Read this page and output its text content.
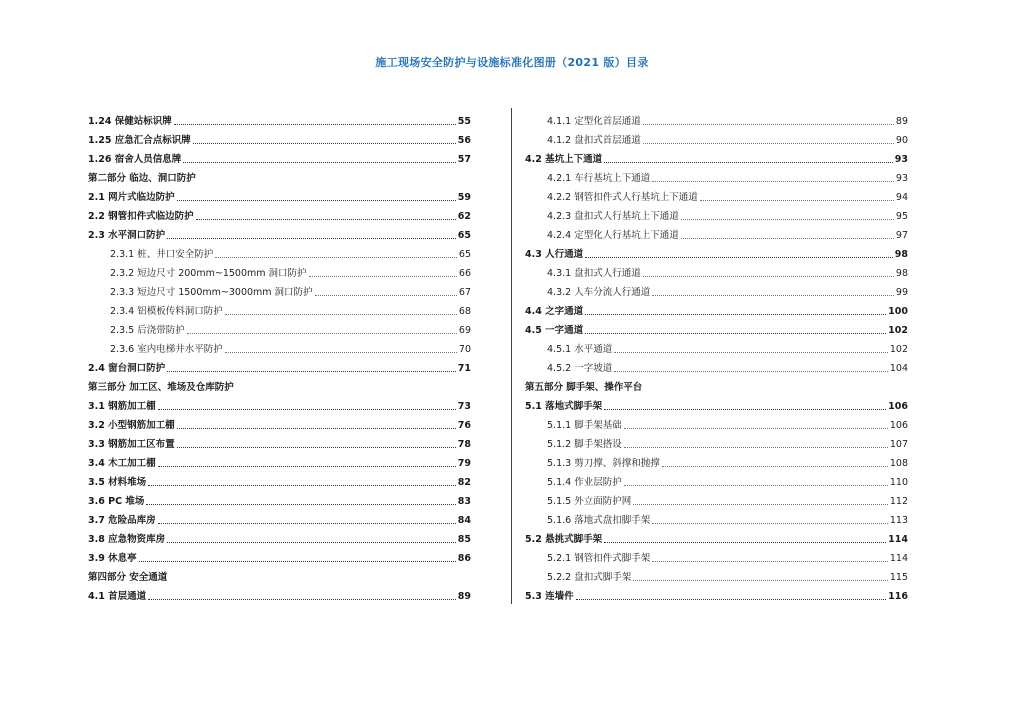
施工现场安全防护与设施标准化图册（2021 版）目录
1.24 保健站标识牌	55
1.25 应急汇合点标识牌	56
1.26 宿舍人员信息牌	57
第二部分 临边、洞口防护
2.1 网片式临边防护	59
2.2 钢管扣件式临边防护	62
2.3 水平洞口防护	65
2.3.1 桩、井口安全防护	65
2.3.2 短边尺寸 200mm~1500mm 洞口防护	66
2.3.3 短边尺寸 1500mm~3000mm 洞口防护	67
2.3.4 铝模板传料洞口防护	68
2.3.5 后浇带防护	69
2.3.6 室内电梯井水平防护	70
2.4 窗台洞口防护	71
第三部分 加工区、堆场及仓库防护
3.1 钢筋加工棚	73
3.2 小型钢筋加工棚	76
3.3 钢筋加工区布置	78
3.4 木工加工棚	79
3.5 材料堆场	82
3.6 PC 堆场	83
3.7 危险品库房	84
3.8 应急物资库房	85
3.9 休息亭	86
第四部分 安全通道
4.1 首层通道	89
4.1.1 定型化首层通道	89
4.1.2 盘扣式首层通道	90
4.2 基坑上下通道	93
4.2.1 车行基坑上下通道	93
4.2.2 钢管扣件式人行基坑上下通道	94
4.2.3 盘扣式人行基坑上下通道	95
4.2.4 定型化人行基坑上下通道	97
4.3 人行通道	98
4.3.1 盘扣式人行通道	98
4.3.2 人车分流人行通道	99
4.4 之字通道	100
4.5 一字通道	102
4.5.1 水平通道	102
4.5.2 一字坡道	104
第五部分 脚手架、操作平台
5.1 落地式脚手架	106
5.1.1 脚手架基础	106
5.1.2 脚手架搭设	107
5.1.3 剪刀撑、斜撑和抛撑	108
5.1.4 作业层防护	110
5.1.5 外立面防护网	112
5.1.6 落地式盘扣脚手架	113
5.2 悬挑式脚手架	114
5.2.1 钢管扣件式脚手架	114
5.2.2 盘扣式脚手架	115
5.3 连墙件	116
